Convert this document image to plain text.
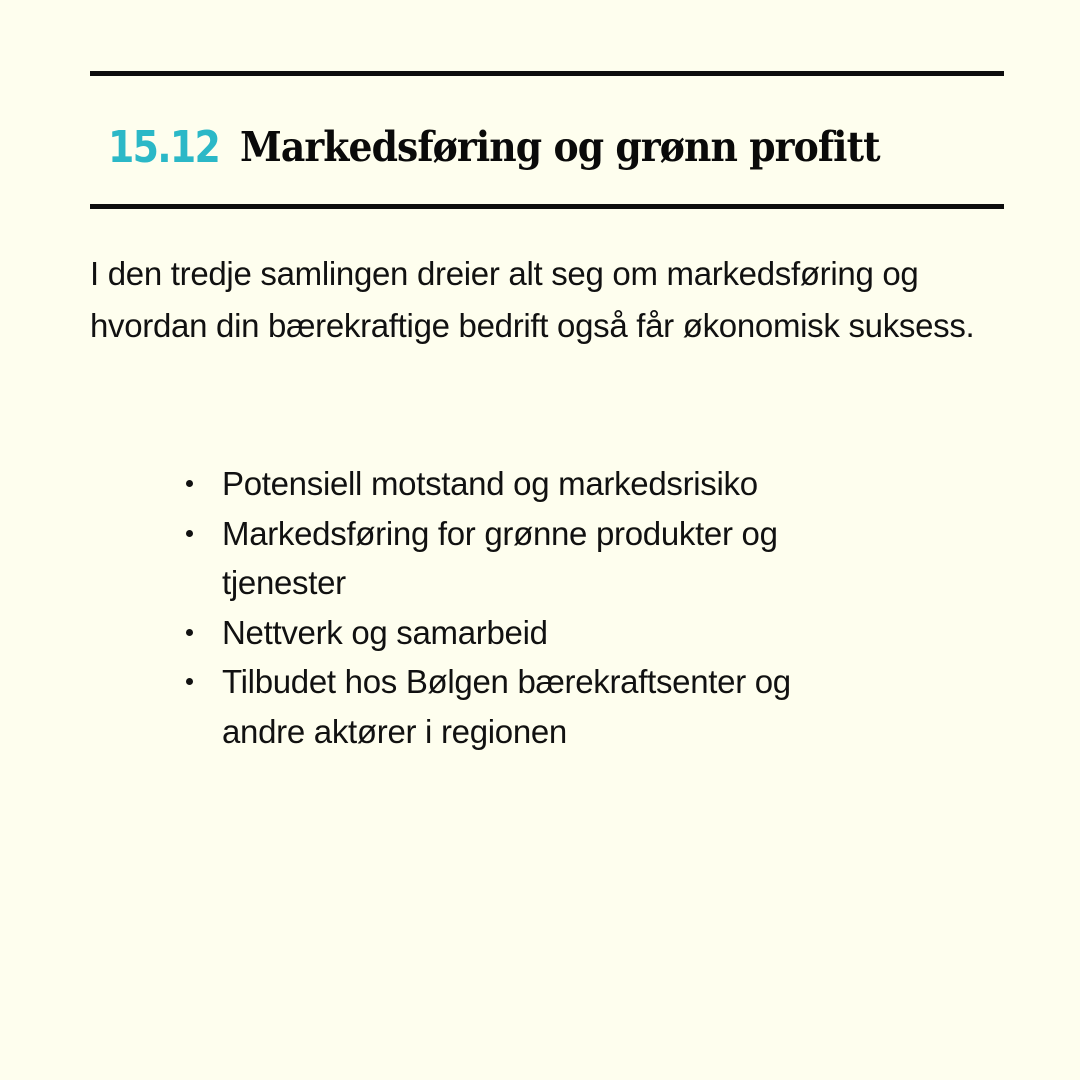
15.12 Markedsføring og grønn profitt

I den tredje samlingen dreier alt seg om markedsføring og hvordan din bærekraftige bedrift også får økonomisk suksess.

Potensiell motstand og markedsrisiko
Markedsføring for grønne produkter og tjenester
Nettverk og samarbeid
Tilbudet hos Bølgen bærekraftsenter og andre aktører i regionen
